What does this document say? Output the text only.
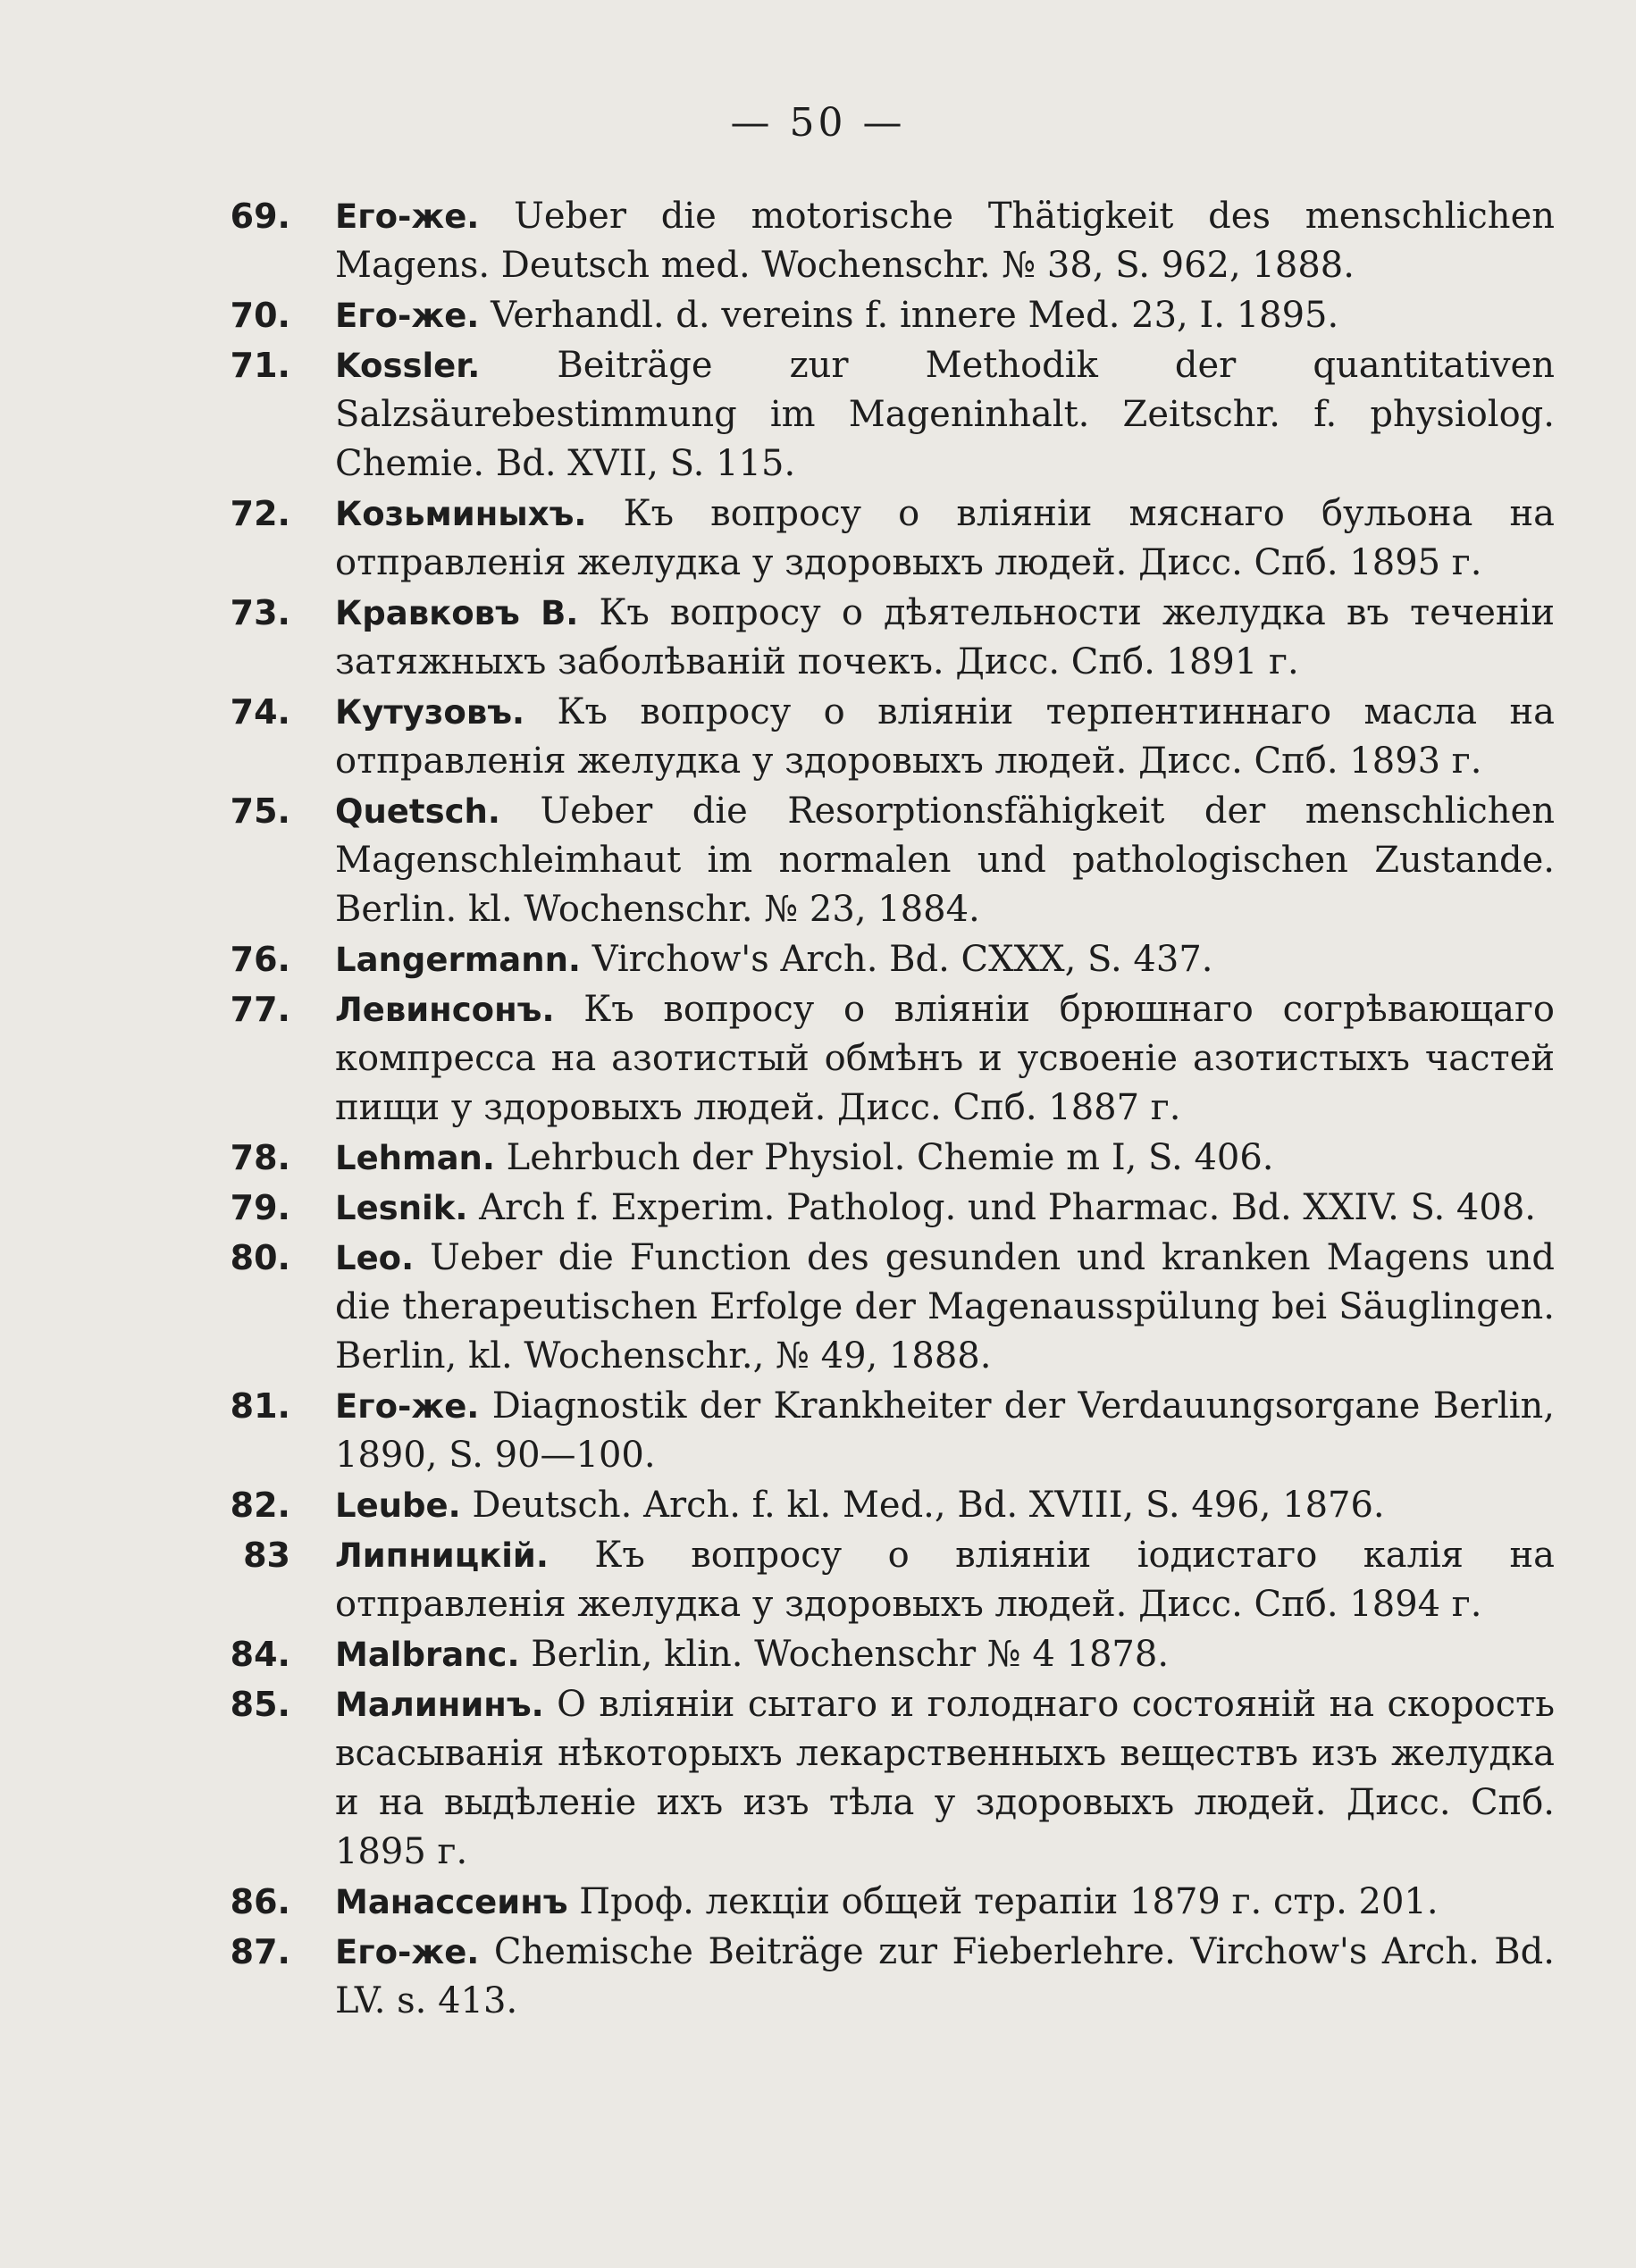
— 50 —
69. Его-же. Ueber die motorische Thätigkeit des menschlichen Magens. Deutsch med. Wochenschr. № 38, S. 962, 1888.
70. Его-же. Verhandl. d. vereins f. innere Med. 23, I. 1895.
71. Kossler. Beiträge zur Methodik der quantitativen Salzsäurebestimmung im Mageninhalt. Zeitschr. f. physiolog. Chemie. Bd. XVII, S. 115.
72. Козьминыхъ. Къ вопросу о вліяніи мяснаго бульона на отправленія желудка у здоровыхъ людей. Дисс. Спб. 1895 г.
73. Кравковъ В. Къ вопросу о дѣятельности желудка въ теченіи затяжныхъ заболѣваній почекъ. Дисс. Спб. 1891 г.
74. Кутузовъ. Къ вопросу о вліяніи терпентиннаго масла на отправленія желудка у здоровыхъ людей. Дисс. Спб. 1893 г.
75. Quetsch. Ueber die Resorptionsfähigkeit der menschlichen Magenschleimhaut im normalen und pathologischen Zustande. Berlin. kl. Wochenschr. № 23, 1884.
76. Langermann. Virchow's Arch. Bd. CXXX, S. 437.
77. Левинсонъ. Къ вопросу о вліяніи брюшнаго согрѣвающаго компресса на азотистый обмѣнъ и усвоеніе азотистыхъ частей пищи у здоровыхъ людей. Дисс. Спб. 1887 г.
78. Lehman. Lehrbuch der Physiol. Chemie m I, S. 406.
79. Lesnik. Arch f. Experim. Patholog. und Pharmac. Bd. XXIV. S. 408.
80. Leo. Ueber die Function des gesunden und kranken Magens und die therapeutischen Erfolge der Magenausspülung bei Säuglingen. Berlin, kl. Wochenschr., № 49, 1888.
81. Его-же. Diagnostik der Krankheiter der Verdauungsorgane Berlin, 1890, S. 90—100.
82. Leube. Deutsch. Arch. f. kl. Med., Bd. XVIII, S. 496, 1876.
83 Липницкій. Къ вопросу о вліяніи іодистаго калія на отправленія желудка у здоровыхъ людей. Дисс. Спб. 1894 г.
84. Malbranc. Berlin, klin. Wochenschr № 4 1878.
85. Малининъ. О вліяніи сытаго и голоднаго состояній на скорость всасыванія нѣкоторыхъ лекарственныхъ веществъ изъ желудка и на выдѣленіе ихъ изъ тѣла у здоровыхъ людей. Дисс. Спб. 1895 г.
86. Манассеинъ Проф. лекціи общей терапіи 1879 г. стр. 201.
87. Его-же. Chemische Beiträge zur Fieberlehre. Virchow's Arch. Bd. LV. s. 413.
